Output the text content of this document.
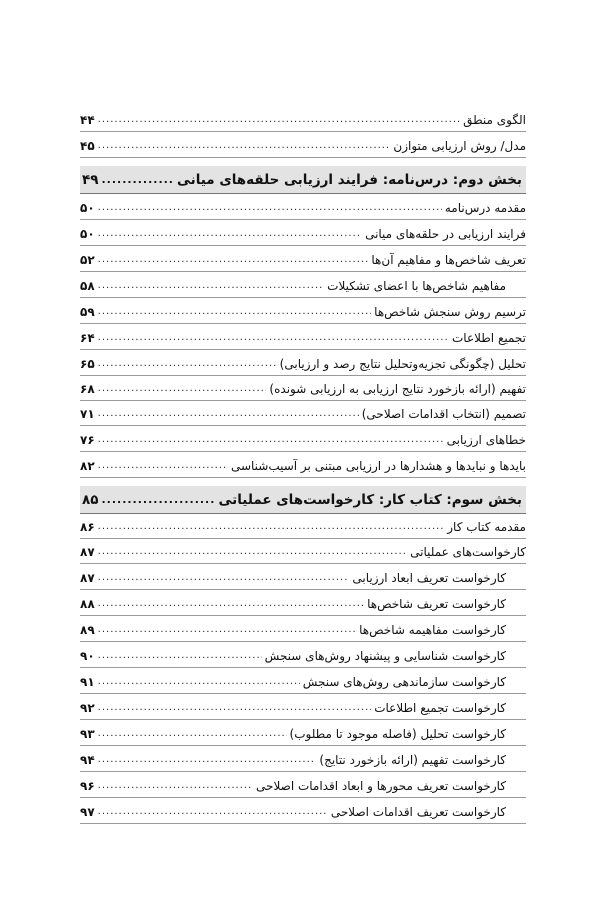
الگوی منطق
.....
۴۴
مدل/ روش ارزیابی متوازن
.....
۴۵
بخش دوم: درس‌نامه: فرایند ارزیابی حلقه‌های میانی
.....
۴۹
مقدمه درس‌نامه
.....
۵۰
فرایند ارزیابی در حلقه‌های میانی
.....
۵۰
تعریف شاخص‌ها و مفاهیم آن‌ها
.....
۵۲
مفاهیم شاخص‌ها با اعضای تشکیلات
.....
۵۸
ترسیم روش سنجش شاخص‌ها
.....
۵۹
تجمیع اطلاعات
.....
۶۴
تحلیل (چگونگی تجزیه‌وتحلیل نتایج رصد و ارزیابی)
.....
۶۵
تفهیم (ارائه بازخورد نتایج ارزیابی به ارزیابی شونده)
.....
۶۸
تصمیم (انتخاب اقدامات اصلاحی)
.....
۷۱
خطاهای ارزیابی
.....
۷۶
بایدها و نبایدها و هشدارها در ارزیابی مبتنی بر آسیب‌شناسی
.....
۸۲
بخش سوم: کتاب کار: کارخواست‌های عملیاتی
.....
۸۵
مقدمه کتاب کار
.....
۸۶
کارخواست‌های عملیاتی
.....
۸۷
کارخواست تعریف ابعاد ارزیابی
.....
۸۷
کارخواست تعریف شاخص‌ها
.....
۸۸
کارخواست مفاهیمه شاخص‌ها
.....
۸۹
کارخواست شناسایی و پیشنهاد روش‌های سنجش
.....
۹۰
کارخواست سازماندهی روش‌های سنجش
.....
۹۱
کارخواست تجمیع اطلاعات
.....
۹۲
کارخواست تحلیل (فاصله موجود تا مطلوب)
.....
۹۳
کارخواست تفهیم (ارائه بازخورد نتایج)
.....
۹۴
کارخواست تعریف محورها و ابعاد اقدامات اصلاحی
.....
۹۶
کارخواست تعریف اقدامات اصلاحی
.....
۹۷
